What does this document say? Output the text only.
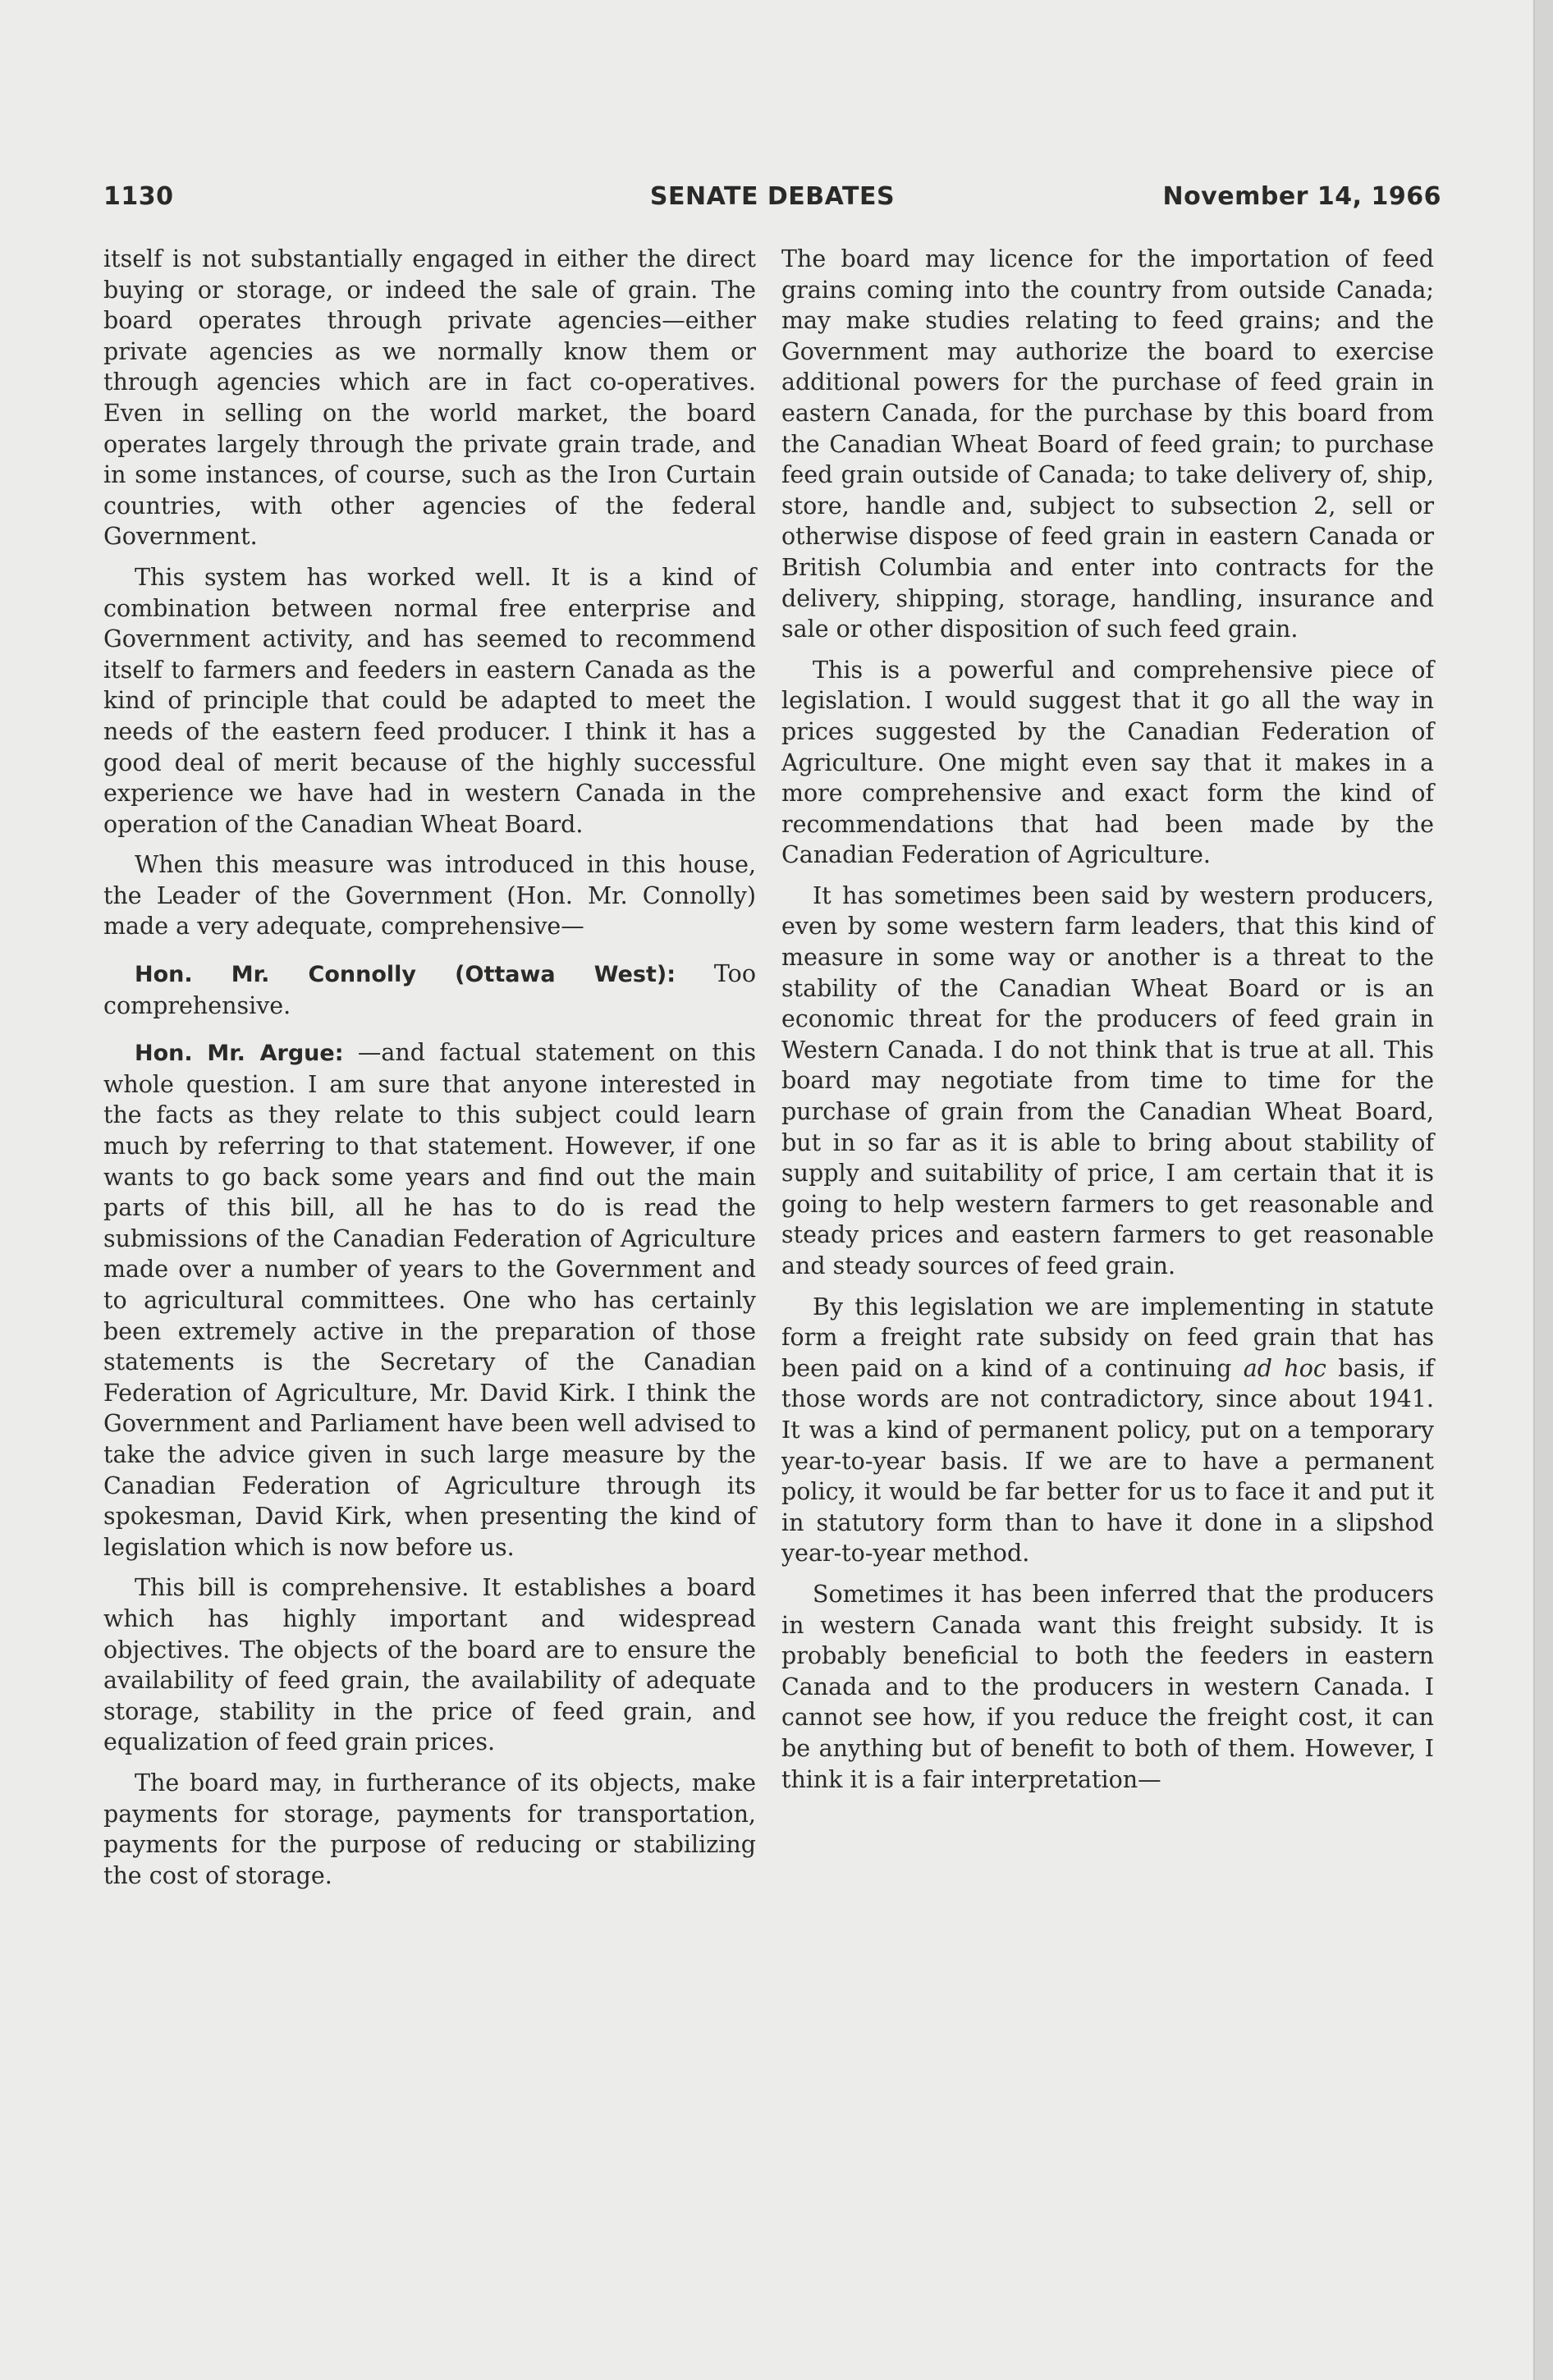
1130	SENATE DEBATES	November 14, 1966

itself is not substantially engaged in either the direct buying or storage, or indeed the sale of grain. The board operates through private agencies—either private agencies as we normally know them or through agencies which are in fact co-operatives. Even in selling on the world market, the board operates largely through the private grain trade, and in some instances, of course, such as the Iron Curtain countries, with other agencies of the federal Government.

This system has worked well. It is a kind of combination between normal free enterprise and Government activity, and has seemed to recommend itself to farmers and feeders in eastern Canada as the kind of principle that could be adapted to meet the needs of the eastern feed producer. I think it has a good deal of merit because of the highly successful experience we have had in western Canada in the operation of the Canadian Wheat Board.

When this measure was introduced in this house, the Leader of the Government (Hon. Mr. Connolly) made a very adequate, comprehensive—

Hon. Mr. Connolly (Ottawa West): Too comprehensive.

Hon. Mr. Argue: —and factual statement on this whole question. I am sure that anyone interested in the facts as they relate to this subject could learn much by referring to that statement. However, if one wants to go back some years and find out the main parts of this bill, all he has to do is read the submissions of the Canadian Federation of Agriculture made over a number of years to the Government and to agricultural committees. One who has certainly been extremely active in the preparation of those statements is the Secretary of the Canadian Federation of Agriculture, Mr. David Kirk. I think the Government and Parliament have been well advised to take the advice given in such large measure by the Canadian Federation of Agriculture through its spokesman, David Kirk, when presenting the kind of legislation which is now before us.

This bill is comprehensive. It establishes a board which has highly important and widespread objectives. The objects of the board are to ensure the availability of feed grain, the availability of adequate storage, stability in the price of feed grain, and equalization of feed grain prices.

The board may, in furtherance of its objects, make payments for storage, payments for transportation, payments for the purpose of reducing or stabilizing the cost of storage.

The board may licence for the importation of feed grains coming into the country from outside Canada; may make studies relating to feed grains; and the Government may authorize the board to exercise additional powers for the purchase of feed grain in eastern Canada, for the purchase by this board from the Canadian Wheat Board of feed grain; to purchase feed grain outside of Canada; to take delivery of, ship, store, handle and, subject to subsection 2, sell or otherwise dispose of feed grain in eastern Canada or British Columbia and enter into contracts for the delivery, shipping, storage, handling, insurance and sale or other disposition of such feed grain.

This is a powerful and comprehensive piece of legislation. I would suggest that it go all the way in prices suggested by the Canadian Federation of Agriculture. One might even say that it makes in a more comprehensive and exact form the kind of recommendations that had been made by the Canadian Federation of Agriculture.

It has sometimes been said by western producers, even by some western farm leaders, that this kind of measure in some way or another is a threat to the stability of the Canadian Wheat Board or is an economic threat for the producers of feed grain in Western Canada. I do not think that is true at all. This board may negotiate from time to time for the purchase of grain from the Canadian Wheat Board, but in so far as it is able to bring about stability of supply and suitability of price, I am certain that it is going to help western farmers to get reasonable and steady prices and eastern farmers to get reasonable and steady sources of feed grain.

By this legislation we are implementing in statute form a freight rate subsidy on feed grain that has been paid on a kind of a continuing ad hoc basis, if those words are not contradictory, since about 1941. It was a kind of permanent policy, put on a temporary year-to-year basis. If we are to have a permanent policy, it would be far better for us to face it and put it in statutory form than to have it done in a slipshod year-to-year method.

Sometimes it has been inferred that the producers in western Canada want this freight subsidy. It is probably beneficial to both the feeders in eastern Canada and to the producers in western Canada. I cannot see how, if you reduce the freight cost, it can be anything but of benefit to both of them. However, I think it is a fair interpretation—
